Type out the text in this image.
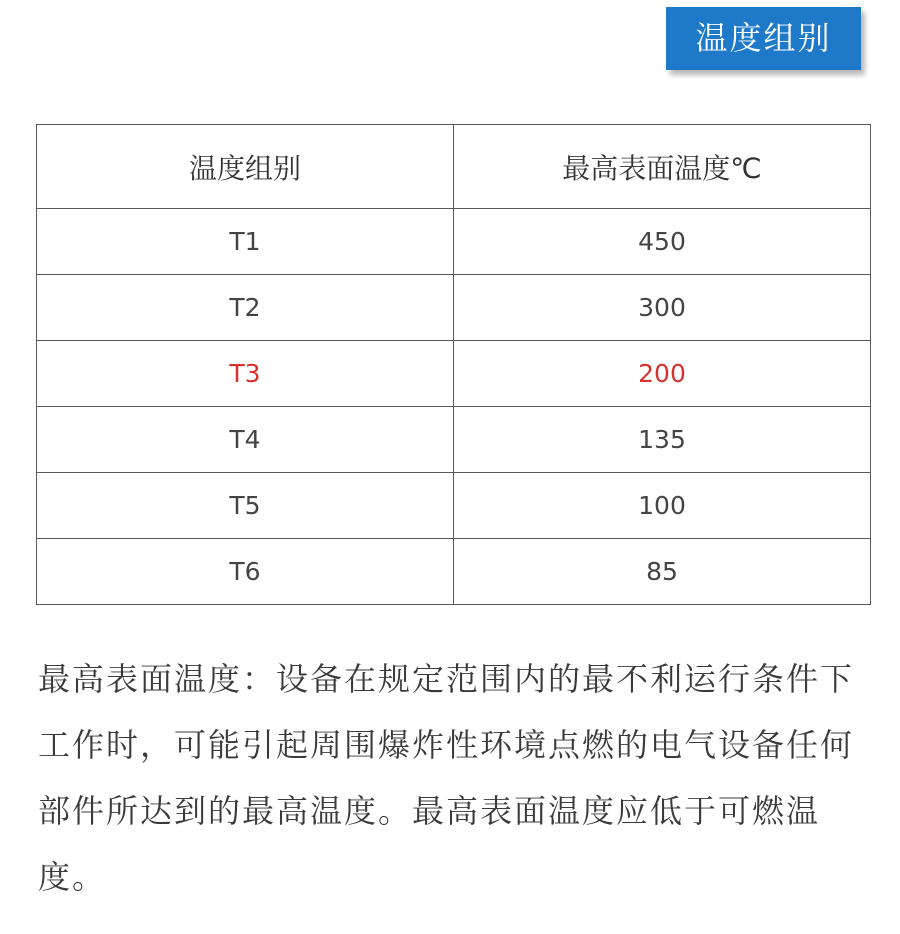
温度组别
温度组别	最高表面温度℃
T1	450
T2	300
T3	200
T4	135
T5	100
T6	85

最高表面温度：设备在规定范围内的最不利运行条件下工作时，可能引起周围爆炸性环境点燃的电气设备任何部件所达到的最高温度。最高表面温度应低于可燃温度。
